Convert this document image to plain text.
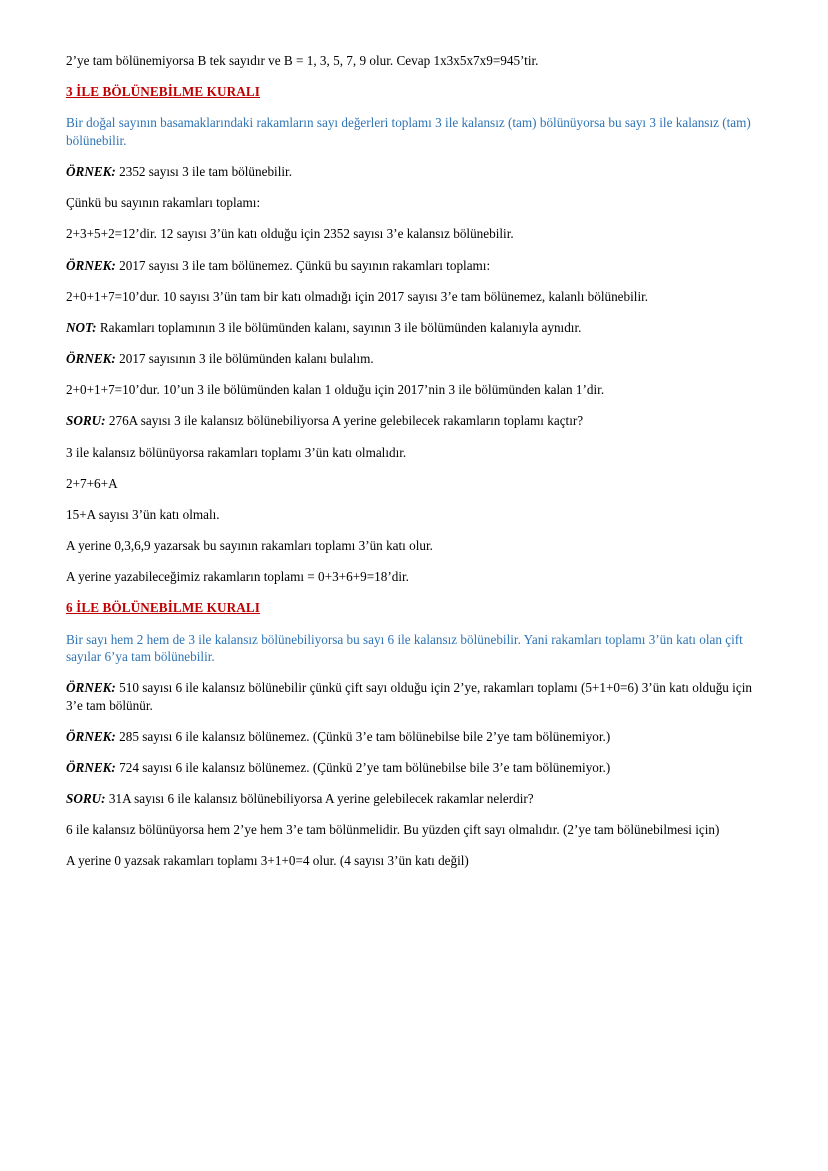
2’ye tam bölünemiyorsa B tek sayıdır ve B = 1, 3, 5, 7, 9 olur. Cevap 1x3x5x7x9=945’tir.

3 İLE BÖLÜNEBİLME KURALI

Bir doğal sayının basamaklarındaki rakamların sayı değerleri toplamı 3 ile kalansız (tam) bölünüyorsa bu sayı 3 ile kalansız (tam) bölünebilir.

ÖRNEK: 2352 sayısı 3 ile tam bölünebilir.

Çünkü bu sayının rakamları toplamı:

2+3+5+2=12’dir. 12 sayısı 3’ün katı olduğu için 2352 sayısı 3’e kalansız bölünebilir.

ÖRNEK: 2017 sayısı 3 ile tam bölünemez. Çünkü bu sayının rakamları toplamı:

2+0+1+7=10’dur. 10 sayısı 3’ün tam bir katı olmadığı için 2017 sayısı 3’e tam bölünemez, kalanlı bölünebilir.

NOT: Rakamları toplamının 3 ile bölümünden kalanı, sayının 3 ile bölümünden kalanıyla aynıdır.

ÖRNEK: 2017 sayısının 3 ile bölümünden kalanı bulalım.

2+0+1+7=10’dur. 10’un 3 ile bölümünden kalan 1 olduğu için 2017’nin 3 ile bölümünden kalan 1’dir.

SORU: 276A sayısı 3 ile kalansız bölünebiliyorsa A yerine gelebilecek rakamların toplamı kaçtır?

3 ile kalansız bölünüyorsa rakamları toplamı 3’ün katı olmalıdır.

2+7+6+A

15+A sayısı 3’ün katı olmalı.

A yerine 0,3,6,9 yazarsak bu sayının rakamları toplamı 3’ün katı olur.

A yerine yazabileceğimiz rakamların toplamı = 0+3+6+9=18’dir.

6 İLE BÖLÜNEBİLME KURALI

Bir sayı hem 2 hem de 3 ile kalansız bölünebiliyorsa bu sayı 6 ile kalansız bölünebilir. Yani rakamları toplamı 3’ün katı olan çift sayılar 6’ya tam bölünebilir.

ÖRNEK: 510 sayısı 6 ile kalansız bölünebilir çünkü çift sayı olduğu için 2’ye, rakamları toplamı (5+1+0=6) 3’ün katı olduğu için 3’e tam bölünür.

ÖRNEK: 285 sayısı 6 ile kalansız bölünemez. (Çünkü 3’e tam bölünebilse bile 2’ye tam bölünemiyor.)

ÖRNEK: 724 sayısı 6 ile kalansız bölünemez. (Çünkü 2’ye tam bölünebilse bile 3’e tam bölünemiyor.)

SORU: 31A sayısı 6 ile kalansız bölünebiliyorsa A yerine gelebilecek rakamlar nelerdir?

6 ile kalansız bölünüyorsa hem 2’ye hem 3’e tam bölünmelidir. Bu yüzden çift sayı olmalıdır. (2’ye tam bölünebilmesi için)

A yerine 0 yazsak rakamları toplamı 3+1+0=4 olur. (4 sayısı 3’ün katı değil)
